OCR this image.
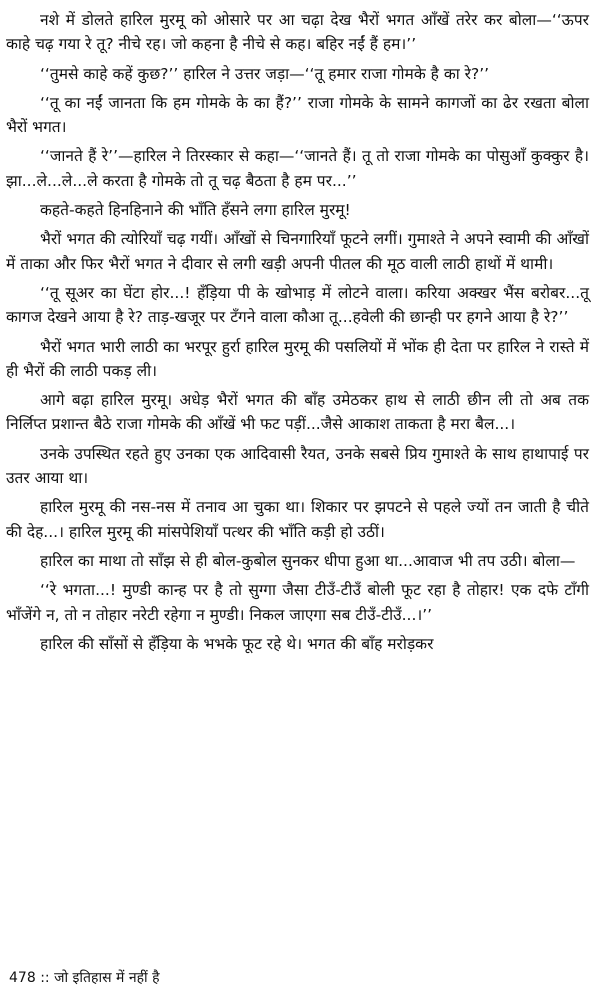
नशे में डोलते हारिल मुरमू को ओसारे पर आ चढ़ा देख भैरों भगत आँखें तरेर कर बोला—‘‘ऊपर काहे चढ़ गया रे तू? नीचे रह। जो कहना है नीचे से कह। बहिर नईं हैं हम।’’

‘‘तुमसे काहे कहें कुछ?’’ हारिल ने उत्तर जड़ा—‘‘तू हमार राजा गोमके है का रे?’’

‘‘तू का नईं जानता कि हम गोमके के का हैं?’’ राजा गोमके के सामने कागजों का ढेर रखता बोला भैरों भगत।

‘‘जानते हैं रे’’—हारिल ने तिरस्कार से कहा—‘‘जानते हैं। तू तो राजा गोमके का पोसुआँ कुक्कुर है। झा...ले...ले...ले करता है गोमके तो तू चढ़ बैठता है हम पर...’’

कहते-कहते हिनहिनाने की भाँति हँसने लगा हारिल मुरमू!

भैरों भगत की त्योरियाँ चढ़ गयीं। आँखों से चिनगारियाँ फूटने लगीं। गुमाश्ते ने अपने स्वामी की आँखों में ताका और फिर भैरों भगत ने दीवार से लगी खड़ी अपनी पीतल की मूठ वाली लाठी हाथों में थामी।

‘‘तू सूअर का घेंटा होर...! हँड़िया पी के खोभाड़ में लोटने वाला। करिया अक्खर भैंस बरोबर...तू कागज देखने आया है रे? ताड़-खजूर पर टँगने वाला कौआ तू...हवेली की छान्ही पर हगने आया है रे?’’

भैरों भगत भारी लाठी का भरपूर हुर्रा हारिल मुरमू की पसलियों में भोंक ही देता पर हारिल ने रास्ते में ही भैरों की लाठी पकड़ ली।

आगे बढ़ा हारिल मुरमू। अधेड़ भैरों भगत की बाँह उमेठकर हाथ से लाठी छीन ली तो अब तक निर्लिप्त प्रशान्त बैठे राजा गोमके की आँखें भी फट पड़ीं...जैसे आकाश ताकता है मरा बैल...।

उनके उपस्थित रहते हुए उनका एक आदिवासी रैयत, उनके सबसे प्रिय गुमाश्ते के साथ हाथापाई पर उतर आया था।

हारिल मुरमू की नस-नस में तनाव आ चुका था। शिकार पर झपटने से पहले ज्यों तन जाती है चीते की देह...। हारिल मुरमू की मांसपेशियाँ पत्थर की भाँति कड़ी हो उठीं।

हारिल का माथा तो साँझ से ही बोल-कुबोल सुनकर धीपा हुआ था...आवाज भी तप उठी। बोला—

‘‘रे भगता...! मुण्डी कान्ह पर है तो सुग्गा जैसा टीउँ-टीउँ बोली फूट रहा है तोहार! एक दफे टाँगी भाँजेंगे न, तो न तोहार नरेटी रहेगा न मुण्डी। निकल जाएगा सब टीउँ-टीउँ...।’’

हारिल की साँसों से हँड़िया के भभके फूट रहे थे। भगत की बाँह मरोड़कर

478 :: जो इतिहास में नहीं है
